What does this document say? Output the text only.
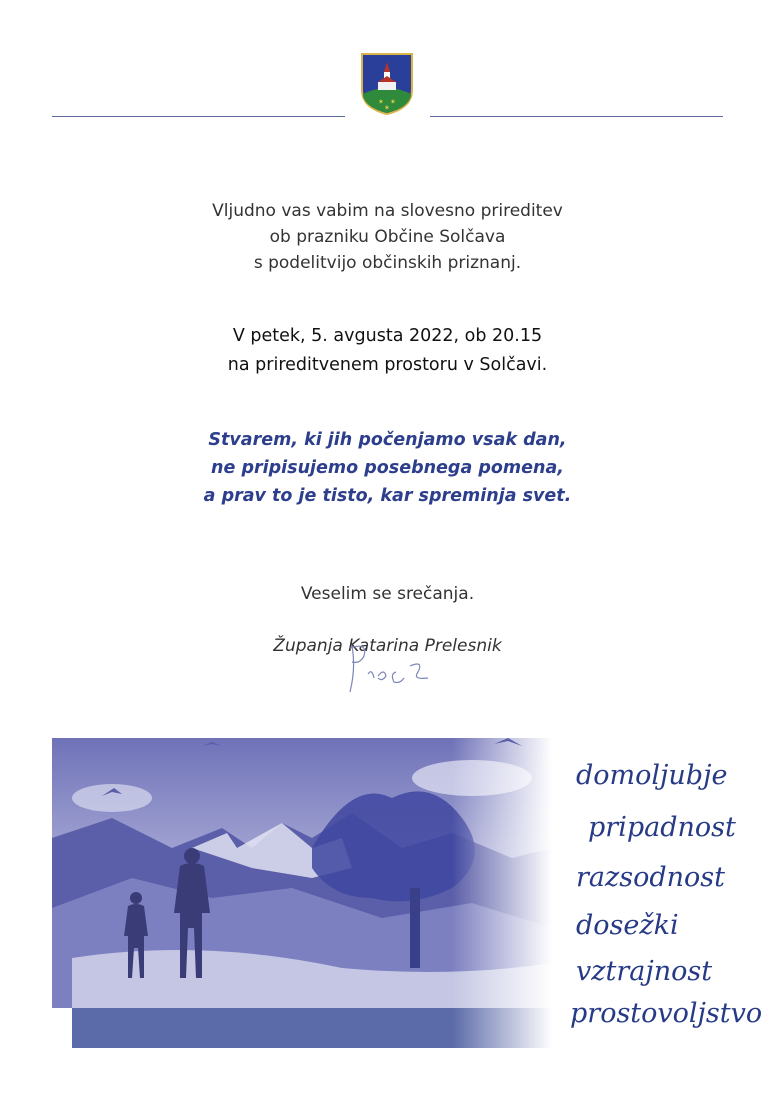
✶ ✶
✶
Vljudno vas vabim na slovesno prireditev
ob prazniku Občine Solčava
s podelitvijo občinskih priznanj.
V petek, 5. avgusta 2022, ob 20.15
na prireditvenem prostoru v Solčavi.
Stvarem, ki jih počenjamo vsak dan,
ne pripisujemo posebnega pomena,
a prav to je tisto, kar spreminja svet.
Veselim se srečanja.
Županja Katarina Prelesnik
domoljubje
pripadnost
razsodnost
dosežki
vztrajnost
prostovoljstvo
